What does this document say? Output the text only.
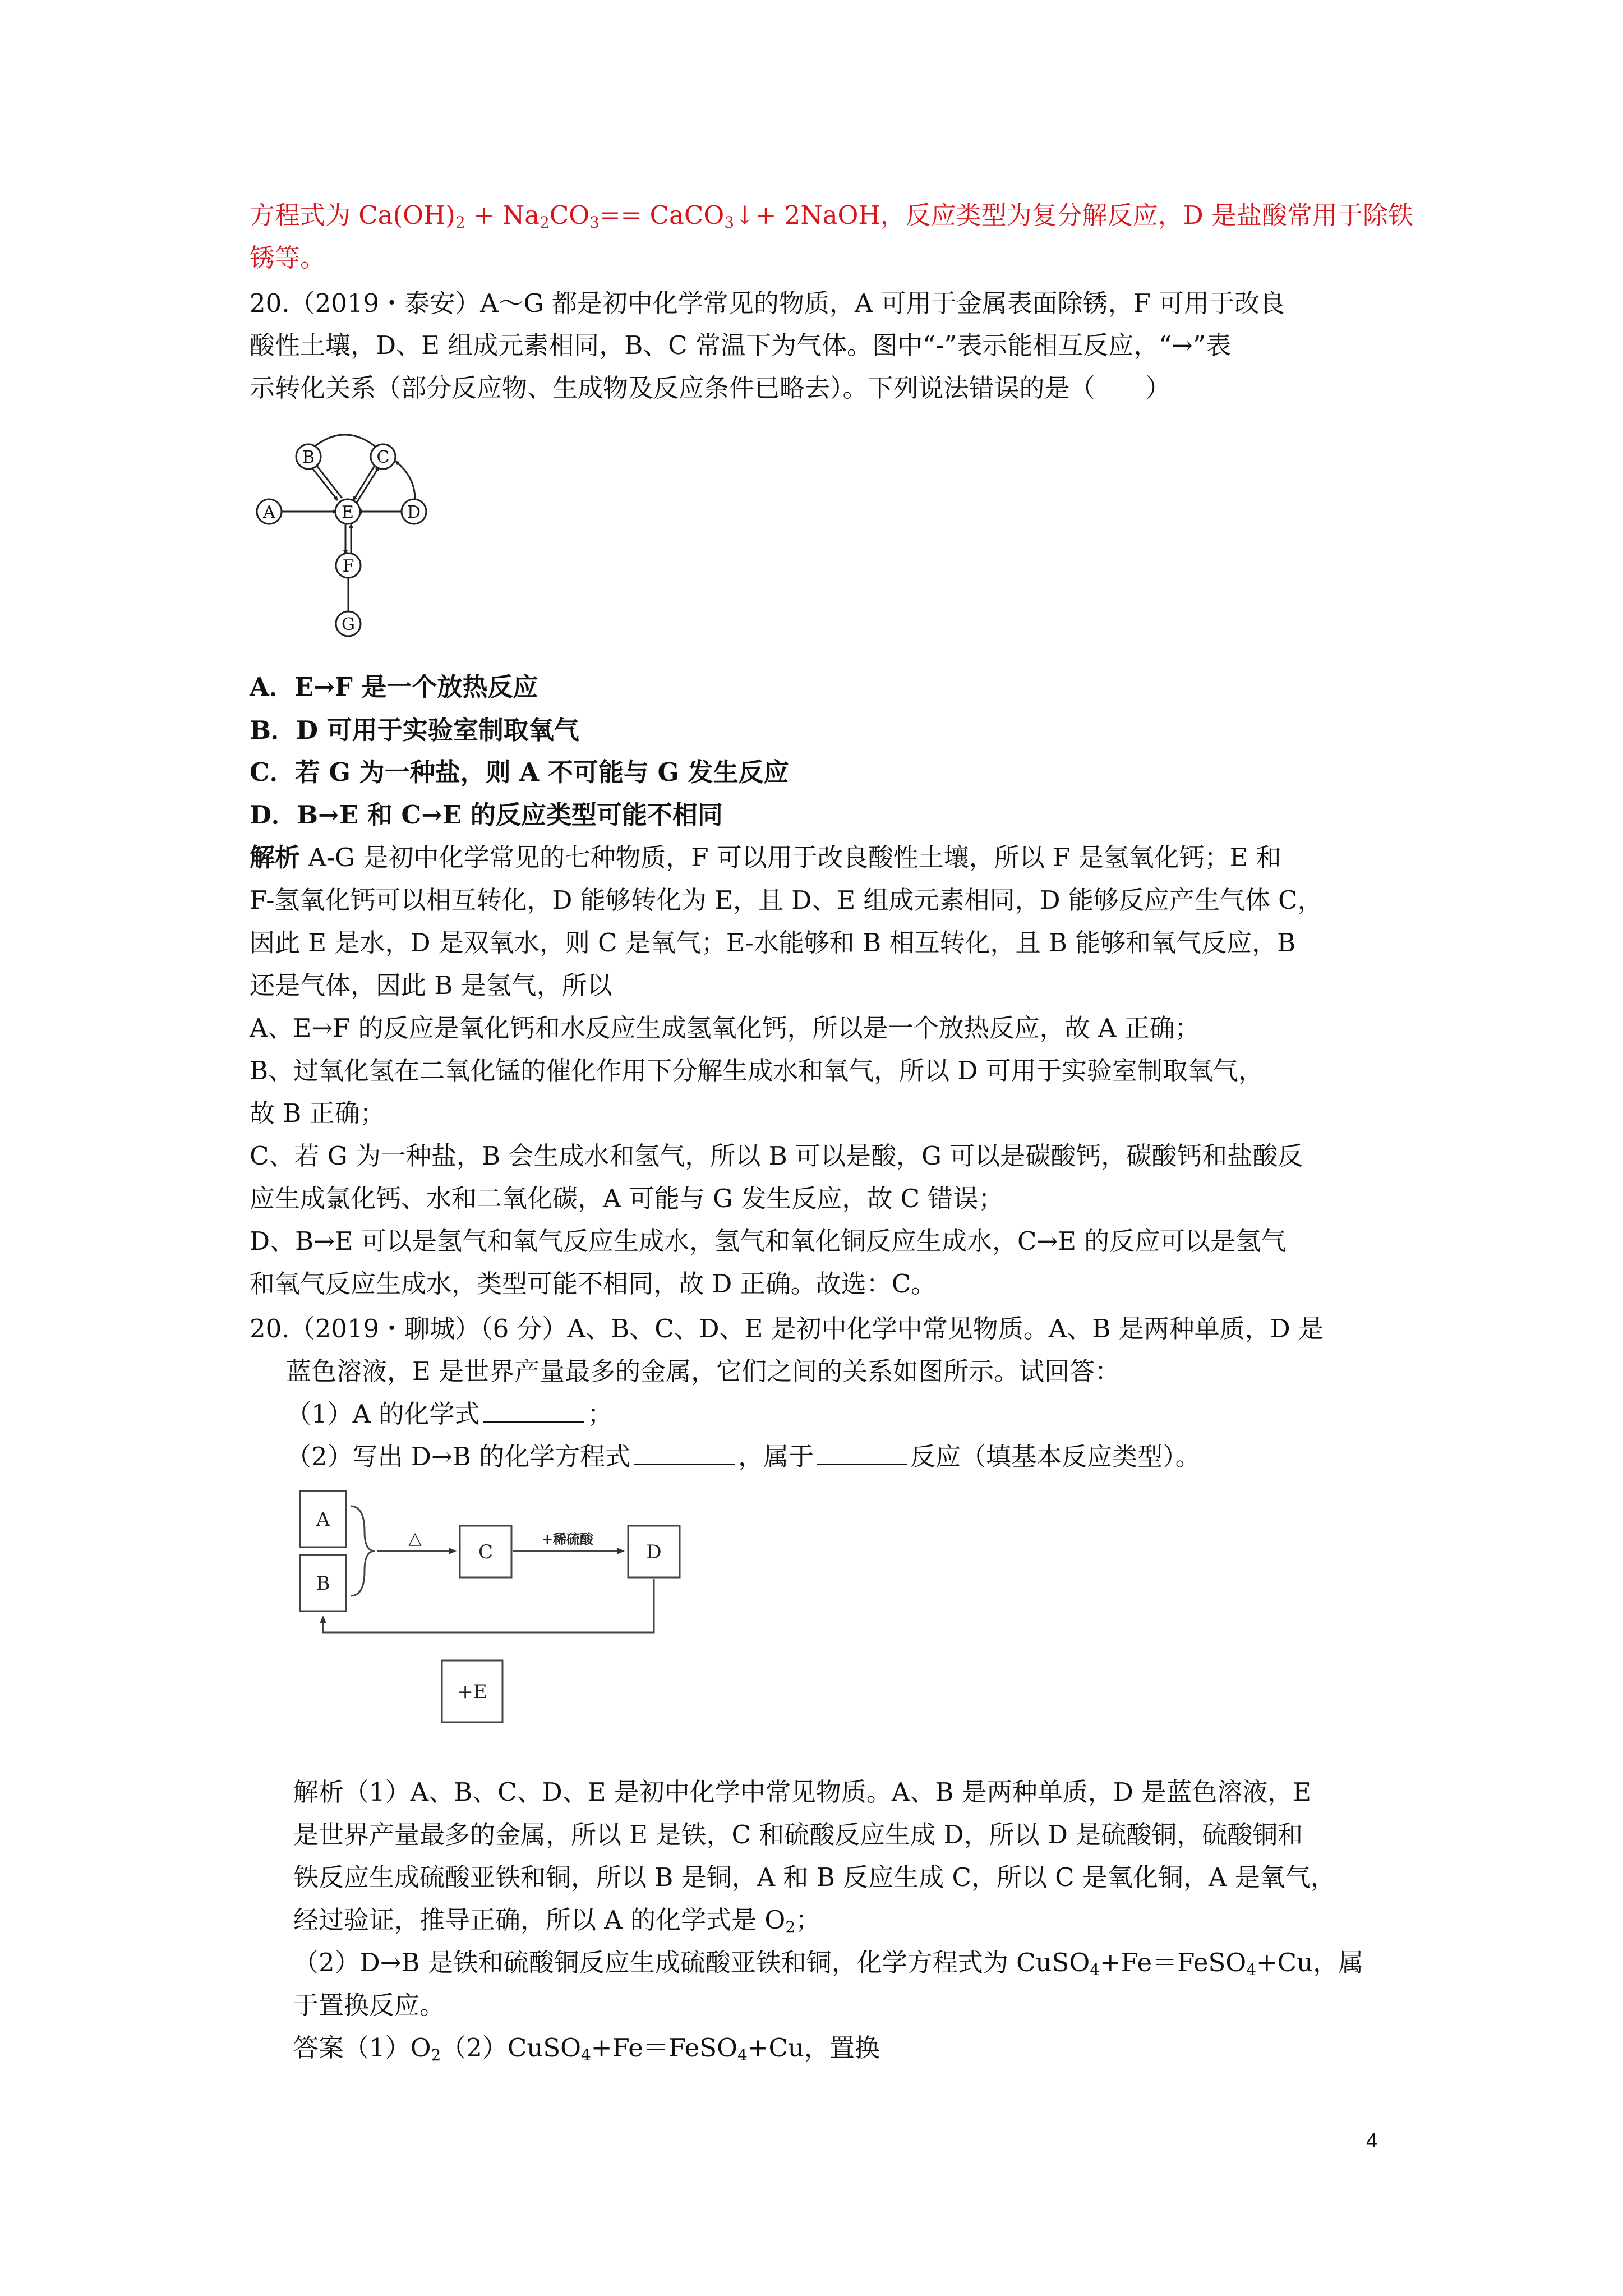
方程式为 $Ca(OH)_2 + Na_2CO_3==$ CaCO$_3$↓+ 2NaOH，反应类型为复分解反应，D 是盐酸常用于除铁

锈等。

20.（2019・泰安）A～G 都是初中化学常见的物质，A 可用于金属表面除锈，F 可用于改良

酸性土壤，D、E 组成元素相同，B、C 常温下为气体。图中“-”表示能相互反应，“→”表

示转化关系（部分反应物、生成物及反应条件已略去）。下列说法错误的是（　　）

A
B	C
D
E
F
G

A．E→F 是一个放热反应

B．D 可用于实验室制取氧气

C．若 G 为一种盐，则 A 不可能与 G 发生反应

D．B→E 和 C→E 的反应类型可能不相同

解析 A-G 是初中化学常见的七种物质，F 可以用于改良酸性土壤，所以 F 是氢氧化钙；E 和

F-氢氧化钙可以相互转化，D 能够转化为 E，且 D、E 组成元素相同，D 能够反应产生气体 C，

因此 E 是水，D 是双氧水，则 C 是氧气；E-水能够和 B 相互转化，且 B 能够和氧气反应，B

还是气体，因此 B 是氢气，所以

A、E→F 的反应是氧化钙和水反应生成氢氧化钙，所以是一个放热反应，故 A 正确；

B、过氧化氢在二氧化锰的催化作用下分解生成水和氧气，所以 D 可用于实验室制取氧气，

故 B 正确；

C、若 G 为一种盐，B 会生成水和氢气，所以 B 可以是酸，G 可以是碳酸钙，碳酸钙和盐酸反

应生成氯化钙、水和二氧化碳，A 可能与 G 发生反应，故 C 错误；

D、B→E 可以是氢气和氧气反应生成水，氢气和氧化铜反应生成水，C→E 的反应可以是氢气

和氧气反应生成水，类型可能不相同，故 D 正确。故选：C。

20.（2019・聊城）（6 分）A、B、C、D、E 是初中化学中常见物质。A、B 是两种单质，D 是

蓝色溶液，E 是世界产量最多的金属，它们之间的关系如图所示。试回答：

（1）A 的化学式	；

（2）写出 D→B 的化学方程式	，属于	反应（填基本反应类型）。

A
B
C	D
+E
△	+稀硫酸

解析（1）A、B、C、D、E 是初中化学中常见物质。A、B 是两种单质，D 是蓝色溶液，E

是世界产量最多的金属，所以 E 是铁，C 和硫酸反应生成 D，所以 D 是硫酸铜，硫酸铜和

铁反应生成硫酸亚铁和铜，所以 B 是铜，A 和 B 反应生成 C，所以 C 是氧化铜，A 是氧气，

经过验证，推导正确，所以 A 的化学式是 $O_2$；

（2）D→B 是铁和硫酸铜反应生成硫酸亚铁和铜，化学方程式为 CuSO$_4$+Fe＝FeSO$_4$+Cu，属

于置换反应。

答案$(1)O_2(2)CuSO_4+Fe=FeSO_4+Cu$，置换

4
